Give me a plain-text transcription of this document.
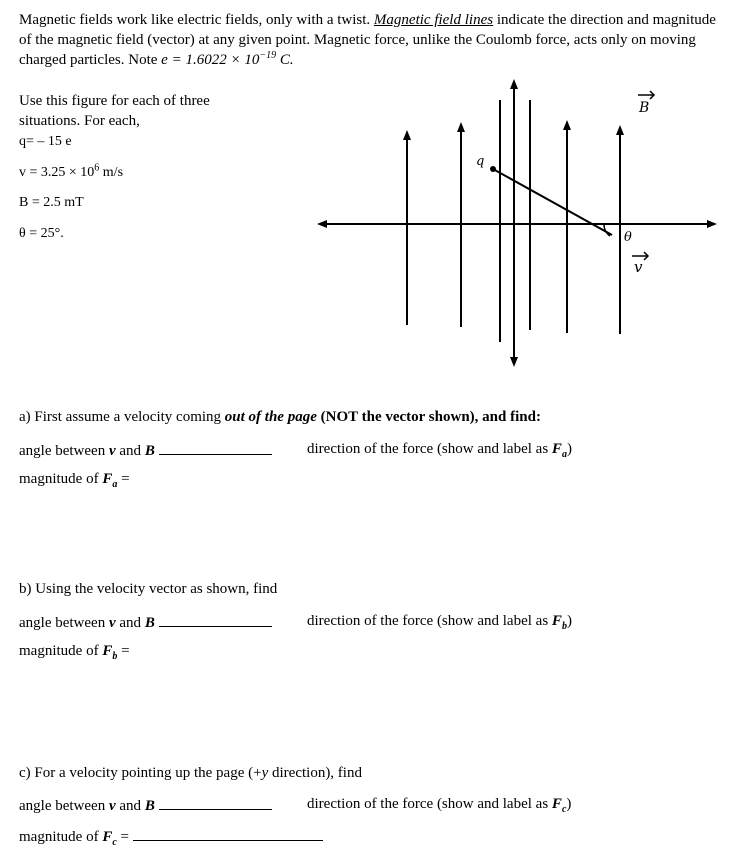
Magnetic fields work like electric fields, only with a twist. Magnetic field lines indicate the direction and magnitude of the magnetic field (vector) at any given point. Magnetic force, unlike the Coulomb force, acts only on moving charged particles. Note $e = 1.6022 \times 10^{-19}$ C.
Use this figure for each of three
situations. For each,
q= – 15 e
$v = 3.25 \times 10^6$ m/s
B = 2.5 mT
θ = 25°.
q
θ
v
B
a) First assume a velocity coming out of the page (NOT the vector shown), and find:
angle between v and B	direction of the force (show and label as $F_a$)
magnitude of $F_a$ =
b) Using the velocity vector as shown, find
angle between v and B	direction of the force (show and label as $F_b$)
magnitude of $F_b$ =
c) For a velocity pointing up the page (+y direction), find
angle between v and B	direction of the force (show and label as $F_c$)
magnitude of $F_c$ =
